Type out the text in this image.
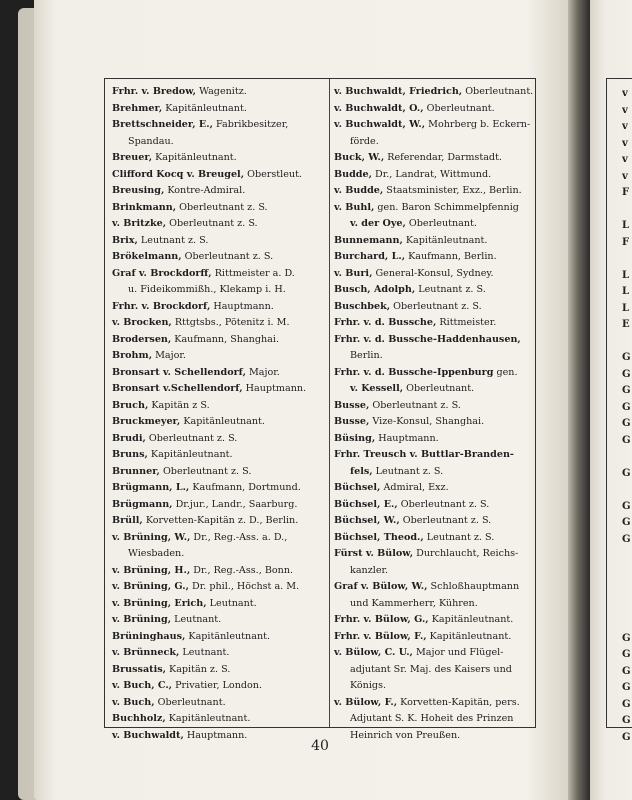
v
v
v
v
v
v
F
L
F
L
L
L
E
G
G
G
G
G
G
G
G
G
G
G
G
G
G
G
G
G
Frhr. v. Bredow, Wagenitz.
Brehmer, Kapitänleutnant.
Brettschneider, E., Fabrikbesitzer,
Spandau.
Breuer, Kapitänleutnant.
Clifford Kocq v. Breugel, Oberstleut.
Breusing, Kontre-Admiral.
Brinkmann, Oberleutnant z. S.
v. Britzke, Oberleutnant z. S.
Brix, Leutnant z. S.
Brökelmann, Oberleutnant z. S.
Graf v. Brockdorff, Rittmeister a. D.
u. Fideikommißh., Klekamp i. H.
Frhr. v. Brockdorf, Hauptmann.
v. Brocken, Rttgtsbs., Pötenitz i. M.
Brodersen, Kaufmann, Shanghai.
Brohm, Major.
Bronsart v. Schellendorf, Major.
Bronsart v.Schellendorf, Hauptmann.
Bruch, Kapitän z S.
Bruckmeyer, Kapitänleutnant.
Brudi, Oberleutnant z. S.
Bruns, Kapitänleutnant.
Brunner, Oberleutnant z. S.
Brügmann, L., Kaufmann, Dortmund.
Brügmann, Dr.jur., Landr., Saarburg.
Brüll, Korvetten-Kapitän z. D., Berlin.
v. Brüning, W., Dr., Reg.-Ass. a. D.,
Wiesbaden.
v. Brüning, H., Dr., Reg.-Ass., Bonn.
v. Brüning, G., Dr. phil., Höchst a. M.
v. Brüning, Erich, Leutnant.
v. Brüning, Leutnant.
Brüninghaus, Kapitänleutnant.
v. Brünneck, Leutnant.
Brussatis, Kapitän z. S.
v. Buch, C., Privatier, London.
v. Buch, Oberleutnant.
Buchholz, Kapitänleutnant.
v. Buchwaldt, Hauptmann.
v. Buchwaldt, Friedrich, Oberleutnant.
v. Buchwaldt, O., Oberleutnant.
v. Buchwaldt, W., Mohrberg b. Eckern-
förde.
Buck, W., Referendar, Darmstadt.
Budde, Dr., Landrat, Wittmund.
v. Budde, Staatsminister, Exz., Berlin.
v. Buhl, gen. Baron Schimmelpfennig
v. der Oye, Oberleutnant.
Bunnemann, Kapitänleutnant.
Burchard, L., Kaufmann, Berlin.
v. Buri, General-Konsul, Sydney.
Busch, Adolph, Leutnant z. S.
Buschbek, Oberleutnant z. S.
Frhr. v. d. Bussche, Rittmeister.
Frhr. v. d. Bussche-Haddenhausen,
Berlin.
Frhr. v. d. Bussche-Ippenburg gen.
v. Kessell, Oberleutnant.
Busse, Oberleutnant z. S.
Busse, Vize-Konsul, Shanghai.
Büsing, Hauptmann.
Frhr. Treusch v. Buttlar-Branden-
fels, Leutnant z. S.
Büchsel, Admiral, Exz.
Büchsel, E., Oberleutnant z. S.
Büchsel, W., Oberleutnant z. S.
Büchsel, Theod., Leutnant z. S.
Fürst v. Bülow, Durchlaucht, Reichs-
kanzler.
Graf v. Bülow, W., Schloßhauptmann
und Kammerherr, Kühren.
Frhr. v. Bülow, G., Kapitänleutnant.
Frhr. v. Bülow, F., Kapitänleutnant.
v. Bülow, C. U., Major und Flügel-
adjutant Sr. Maj. des Kaisers und
Königs.
v. Bülow, F., Korvetten-Kapitän, pers.
Adjutant S. K. Hoheit des Prinzen
Heinrich von Preußen.
40
